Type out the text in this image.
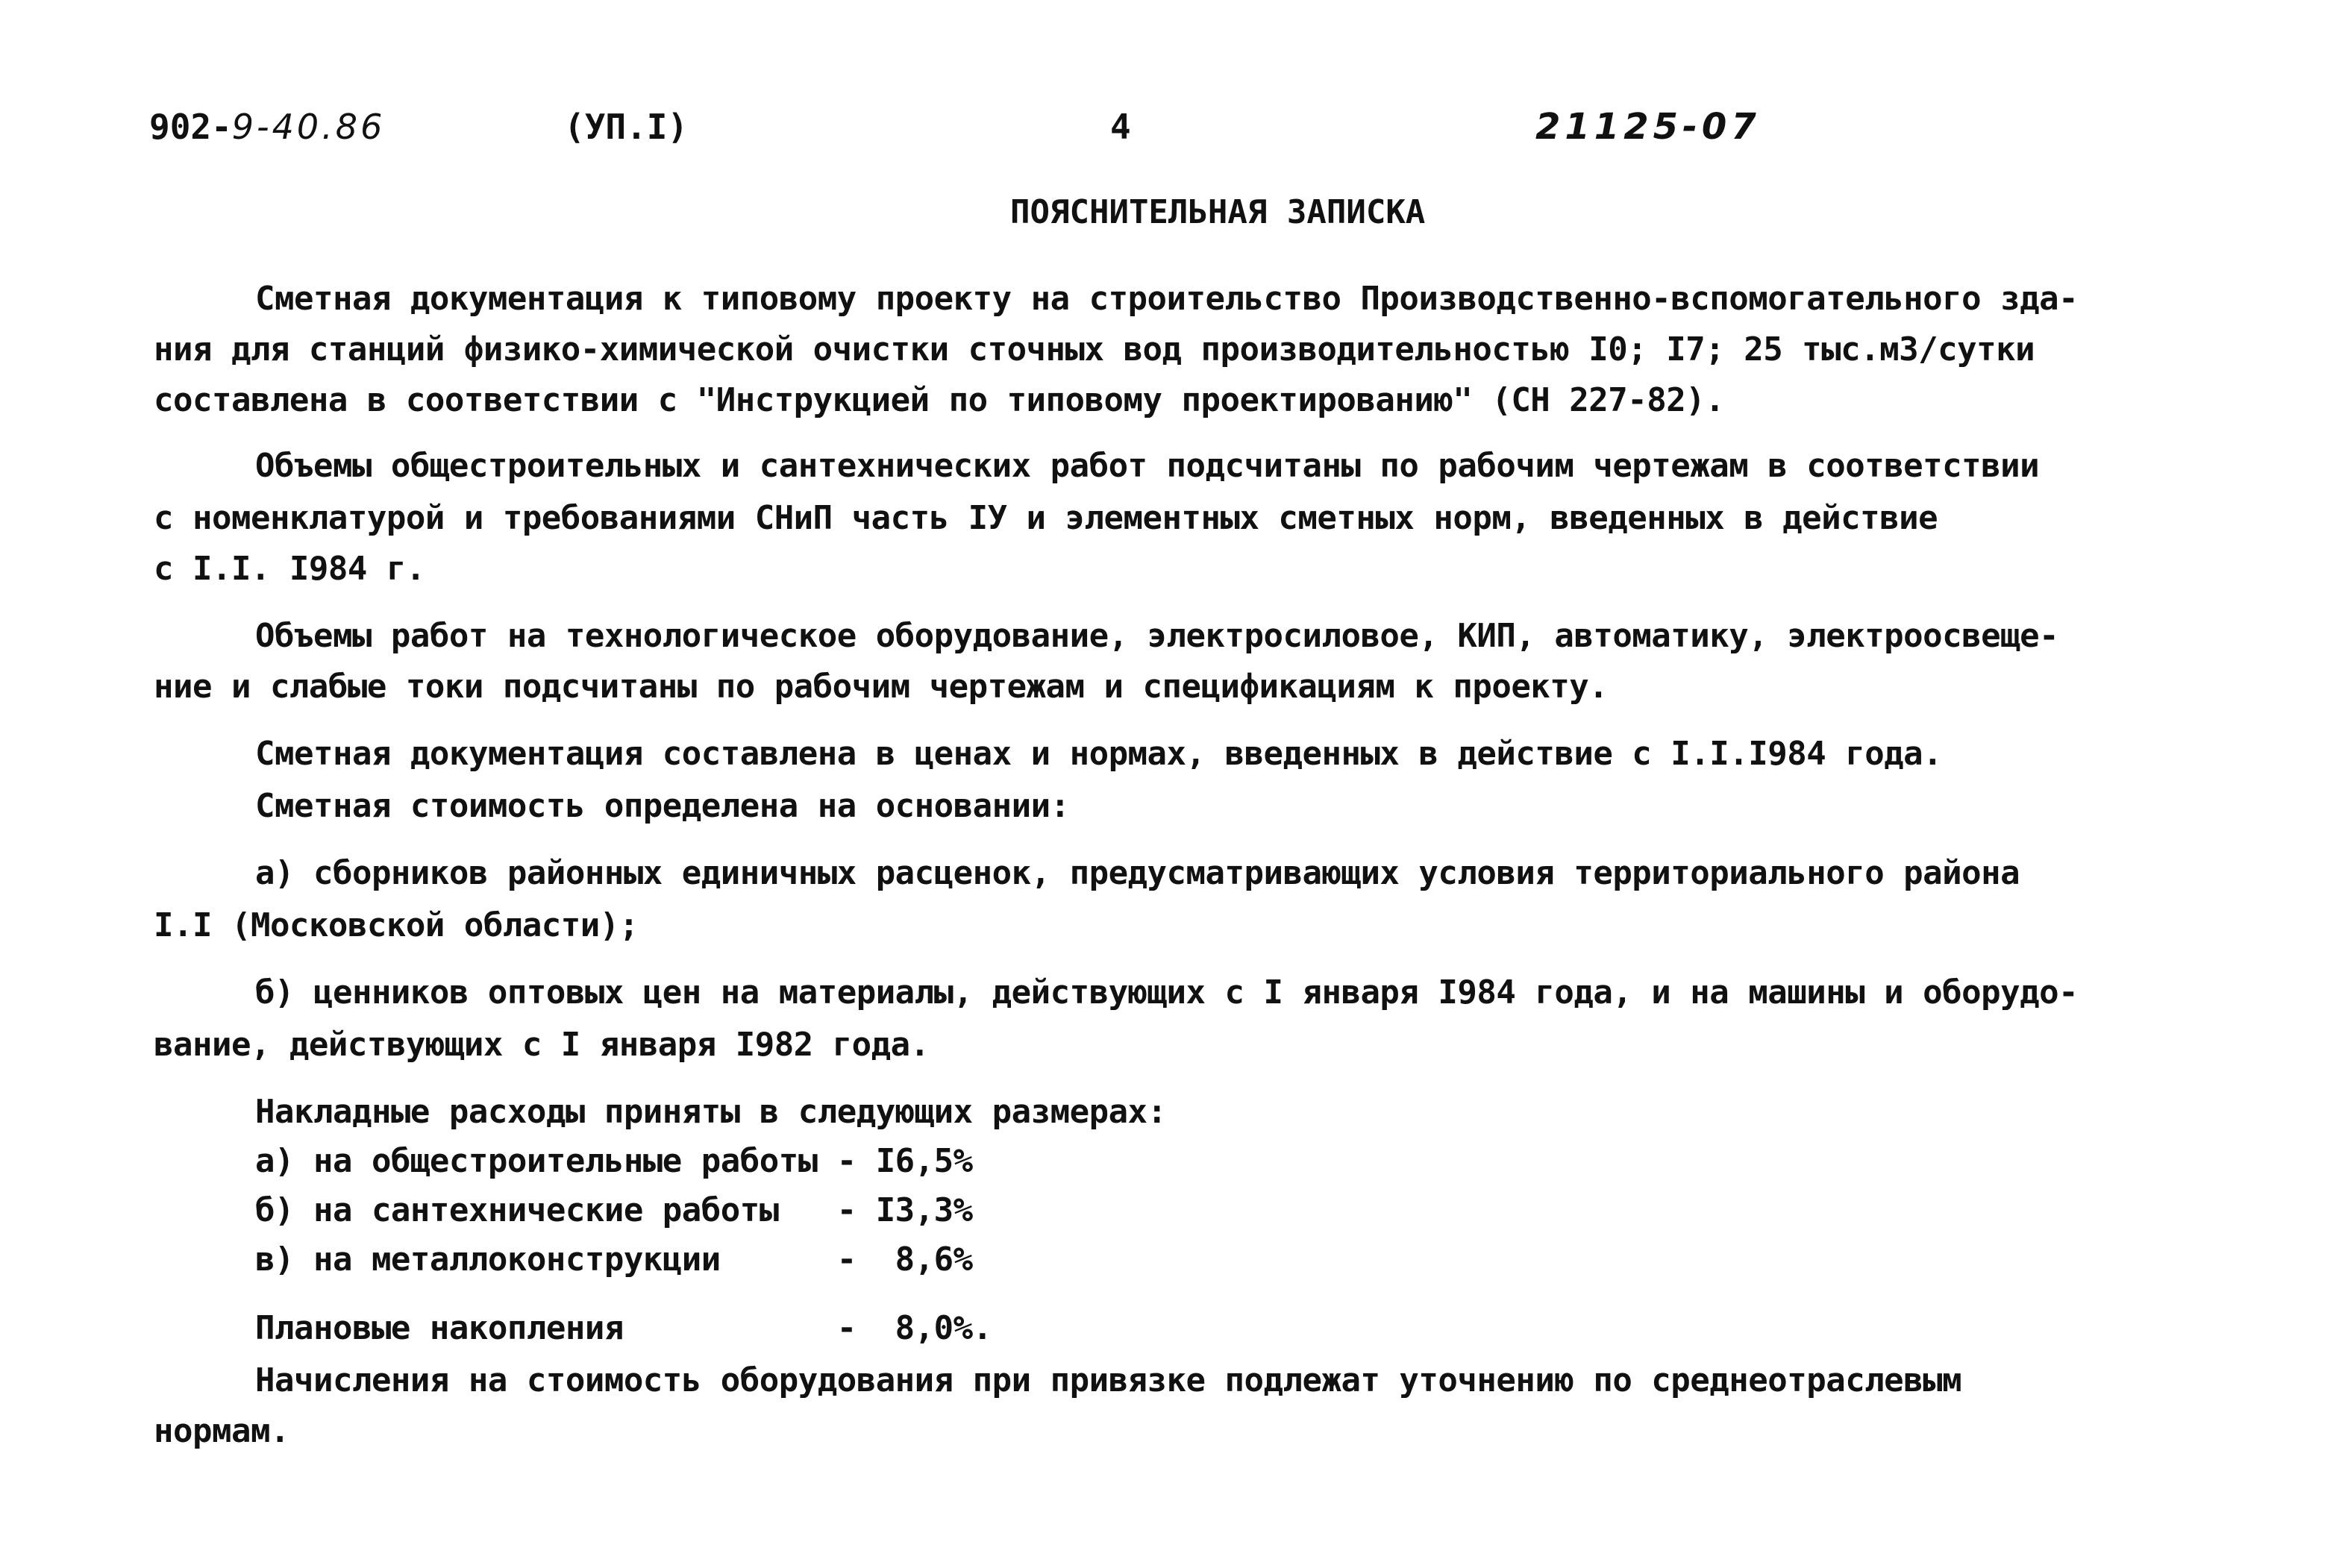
902-9-40.86	(УП.I)	4	21125-07
ПОЯСНИТЕЛЬНАЯ ЗАПИСКА
Сметная документация к типовому проекту на строительство Производственно-вспомогательного зда-
ния для станций физико-химической очистки сточных вод производительностью I0; I7; 25 тыс.м3/сутки
составлена в соответствии с "Инструкцией по типовому проектированию" (СН 227-82).
Объемы общестроительных и сантехнических работ подсчитаны по рабочим чертежам в соответствии
с номенклатурой и требованиями СНиП часть IУ и элементных сметных норм, введенных в действие
с I.I. I984 г.
Объемы работ на технологическое оборудование, электросиловое, КИП, автоматику, электроосвеще-
ние и слабые токи подсчитаны по рабочим чертежам и спецификациям к проекту.
Сметная документация составлена в ценах и нормах, введенных в действие с I.I.I984 года.
Сметная стоимость определена на основании:
а) сборников районных единичных расценок, предусматривающих условия территориального района
I.I (Московской области);
б) ценников оптовых цен на материалы, действующих с I января I984 года, и на машины и оборудо-
вание, действующих с I января I982 года.
Накладные расходы приняты в следующих размерах:
а) на общестроительные работы - I6,5%
б) на сантехнические работы   - I3,3%
в) на металлоконструкции      -  8,6%
Плановые накопления           -  8,0%.
Начисления на стоимость оборудования при привязке подлежат уточнению по среднеотраслевым
нормам.
